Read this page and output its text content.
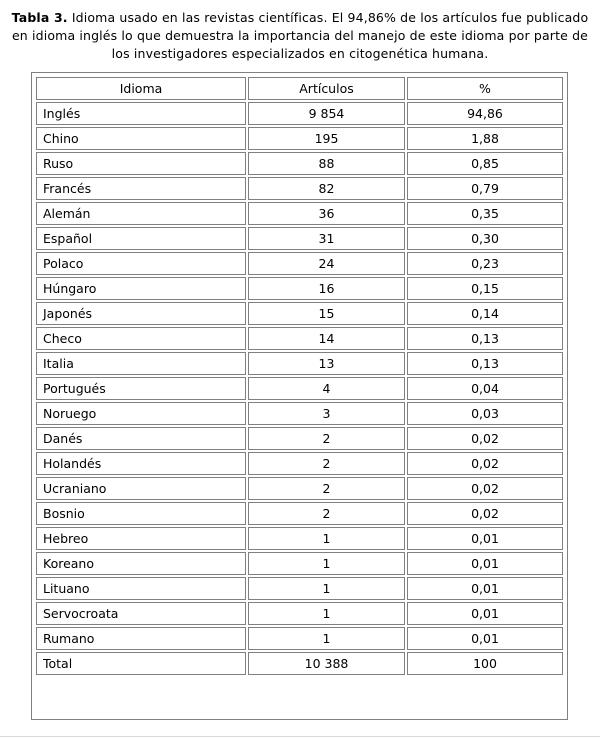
Tabla 3. Idioma usado en las revistas científicas. El 94,86% de los artículos fue publicado en idioma inglés lo que demuestra la importancia del manejo de este idioma por parte de los investigadores especializados en citogenética humana.
Idioma	Artículos	%
Inglés	9 854	94,86
Chino	195	1,88
Ruso	88	0,85
Francés	82	0,79
Alemán	36	0,35
Español	31	0,30
Polaco	24	0,23
Húngaro	16	0,15
Japonés	15	0,14
Checo	14	0,13
Italia	13	0,13
Portugués	4	0,04
Noruego	3	0,03
Danés	2	0,02
Holandés	2	0,02
Ucraniano	2	0,02
Bosnio	2	0,02
Hebreo	1	0,01
Koreano	1	0,01
Lituano	1	0,01
Servocroata	1	0,01
Rumano	1	0,01
Total	10 388	100
